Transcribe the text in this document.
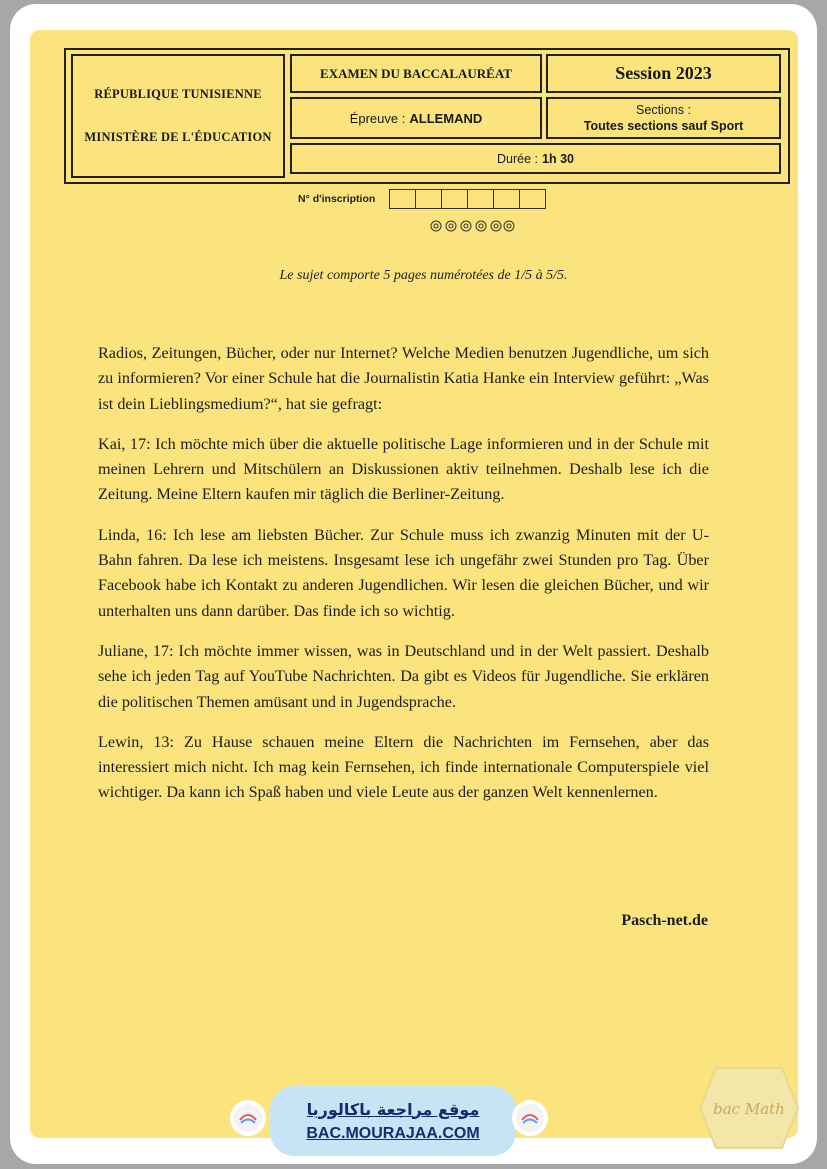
RÉPUBLIQUE TUNISIENNE
MINISTÈRE DE L'ÉDUCATION
EXAMEN DU BACCALAURÉAT	Session 2023
Épreuve : ALLEMAND
Sections :
Toutes sections sauf Sport
Durée : 1h 30
N° d'inscription
Le sujet comporte 5 pages numérotées de 1/5 à 5/5.

Radios, Zeitungen, Bücher, oder nur Internet? Welche Medien benutzen Jugendliche, um sich zu informieren? Vor einer Schule hat die Journalistin Katia Hanke ein Interview geführt: „Was ist dein Lieblingsmedium?“, hat sie gefragt:

Kai, 17: Ich möchte mich über die aktuelle politische Lage informieren und in der Schule mit meinen Lehrern und Mitschülern an Diskussionen aktiv teilnehmen. Deshalb lese ich die Zeitung. Meine Eltern kaufen mir täglich die Berliner-Zeitung.

Linda, 16: Ich lese am liebsten Bücher. Zur Schule muss ich zwanzig Minuten mit der U-Bahn fahren. Da lese ich meistens. Insgesamt lese ich ungefähr zwei Stunden pro Tag. Über Facebook habe ich Kontakt zu anderen Jugendlichen. Wir lesen die gleichen Bücher, und wir unterhalten uns dann darüber. Das finde ich so wichtig.

Juliane, 17: Ich möchte immer wissen, was in Deutschland und in der Welt passiert. Deshalb sehe ich jeden Tag auf YouTube Nachrichten. Da gibt es Videos für Jugendliche. Sie erklären die politischen Themen amüsant und in Jugendsprache.

Lewin, 13: Zu Hause schauen meine Eltern die Nachrichten im Fernsehen, aber das interessiert mich nicht. Ich mag kein Fernsehen, ich finde internationale Computerspiele viel wichtiger. Da kann ich Spaß haben und viele Leute aus der ganzen Welt kennenlernen.

Pasch-net.de
موقع مراجعة باكالوريا
BAC.MOURAJAA.COM
bac Math
